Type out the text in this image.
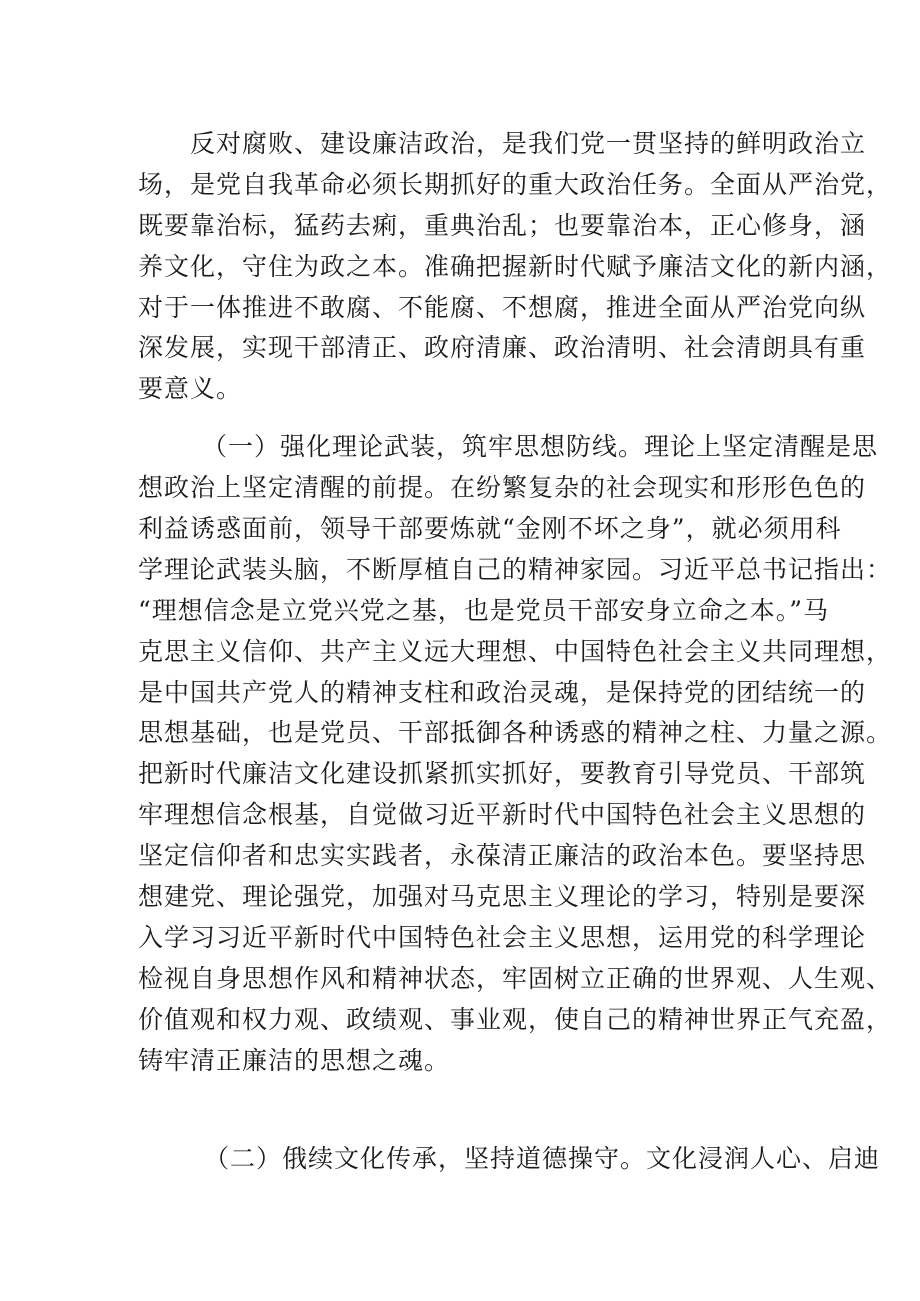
反对腐败、建设廉洁政治，是我们党一贯坚持的鲜明政治立
场，是党自我革命必须长期抓好的重大政治任务。全面从严治党，
既要靠治标，猛药去痢，重典治乱；也要靠治本，正心修身，涵
养文化，守住为政之本。准确把握新时代赋予廉洁文化的新内涵，
对于一体推进不敢腐、不能腐、不想腐，推进全面从严治党向纵
深发展，实现干部清正、政府清廉、政治清明、社会清朗具有重
要意义。
（一）强化理论武装，筑牢思想防线。理论上坚定清醒是思
想政治上坚定清醒的前提。在纷繁复杂的社会现实和形形色色的
利益诱惑面前，领导干部要炼就“金刚不坏之身”，就必须用科
学理论武装头脑，不断厚植自己的精神家园。习近平总书记指出：
“理想信念是立党兴党之基，也是党员干部安身立命之本。”马
克思主义信仰、共产主义远大理想、中国特色社会主义共同理想，
是中国共产党人的精神支柱和政治灵魂，是保持党的团结统一的
思想基础，也是党员、干部抵御各种诱惑的精神之柱、力量之源。
把新时代廉洁文化建设抓紧抓实抓好，要教育引导党员、干部筑
牢理想信念根基，自觉做习近平新时代中国特色社会主义思想的
坚定信仰者和忠实实践者，永葆清正廉洁的政治本色。要坚持思
想建党、理论强党，加强对马克思主义理论的学习，特别是要深
入学习习近平新时代中国特色社会主义思想，运用党的科学理论
检视自身思想作风和精神状态，牢固树立正确的世界观、人生观、
价值观和权力观、政绩观、事业观，使自己的精神世界正气充盈，
铸牢清正廉洁的思想之魂。
（二）俄续文化传承，坚持道德操守。文化浸润人心、启迪
